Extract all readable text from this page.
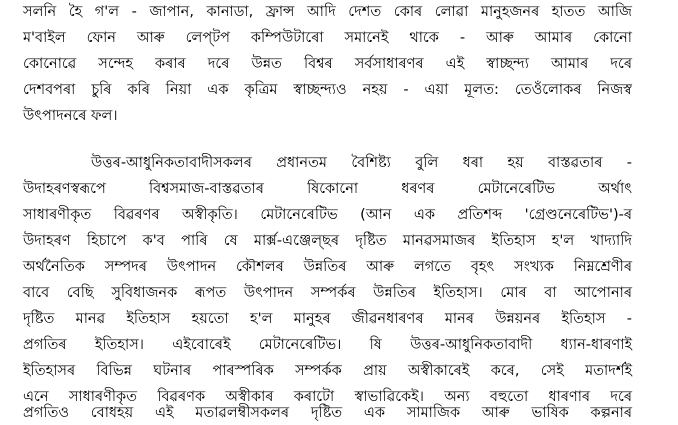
সলনি হৈ গ'ল - জাপান, কানাডা, ফ্রান্স আদি দেশত কোৰ লোৱা মানুহজনৰ হাতত আজি
ম'বাইল ফোন আৰু লেপ্‌টপ কম্পিউটাৰো সমানেই থাকে - আৰু আমাৰ কোনো
কোনোৱে সন্দেহ কৰাৰ দৰে উন্নত বিশ্বৰ সৰ্বসাধাৰণৰ এই স্বাচ্ছন্দ্য আমাৰ দৰে
দেশবপৰা চুৰি কৰি নিয়া এক কৃত্রিম স্বাচ্ছন্দ্যও নহয় - এয়া মূলত: তেওঁলোকৰ নিজস্ব
উৎপাদনৰে ফল।
উত্তৰ-আধুনিকতাবাদীসকলৰ প্ৰধানতম বৈশিষ্ট্য বুলি ধৰা হয় বাস্তৱতাৰ -
উদাহৰণস্বৰূপে বিশ্বসমাজ-বাস্তৱতাৰ ষিকোনো ধৰণৰ মেটানেৰেটিভ অৰ্থাৎ
সাধাৰণীকৃত বিৱৰণৰ অস্বীকৃতি। মেটানেৰেটিভ (আন এক প্ৰতিশব্দ 'গ্ৰেণ্ডনেৰেটিভ')-ৰ
উদাহৰণ হিচাপে ক'ব পাৰি ষে মাৰ্ক্স-এঞ্জেল্‌ছৰ দৃষ্টিত মানৱসমাজৰ ইতিহাস হ'ল খাদ্যাদি
অৰ্থনৈতিক সম্পদৰ উৎপাদন কৌশলৰ উন্নতিৰ আৰু লগতে বৃহৎ সংখ্যক নিম্নশ্ৰেণীৰ
বাবে বেছি সুবিধাজনক ৰূপত উৎপাদন সম্পৰ্কৰ উন্নতিৰ ইতিহাস। মোৰ বা আপোনাৰ
দৃষ্টিত মানৱ ইতিহাস হয়তো হ'ল মানুহৰ জীৱনধাৰণৰ মানৰ উন্নয়নৰ ইতিহাস -
প্ৰগতিৰ ইতিহাস। এইবোৰেই মেটানেৰেটিভ। ষি উত্তৰ-আধুনিকতাবাদী ধ্যান-ধাৰণাই
ইতিহাসৰ বিভিন্ন ঘটনাৰ পাৰস্পৰিক সম্পৰ্কক প্ৰায় অস্বীকাৰেই কৰে, সেই মতাদৰ্শই
এনে সাধাৰণীকৃত বিৱৰণক অস্বীকাৰ কৰাটো স্বাভাৱিকেই। অন্য বহুতো ধাৰণাৰ দৰে
প্ৰগতিও বোধহয় এই মতাৱলম্বীসকলৰ দৃষ্টিত এক সামাজিক আৰু ভাষিক কল্পনাৰ
